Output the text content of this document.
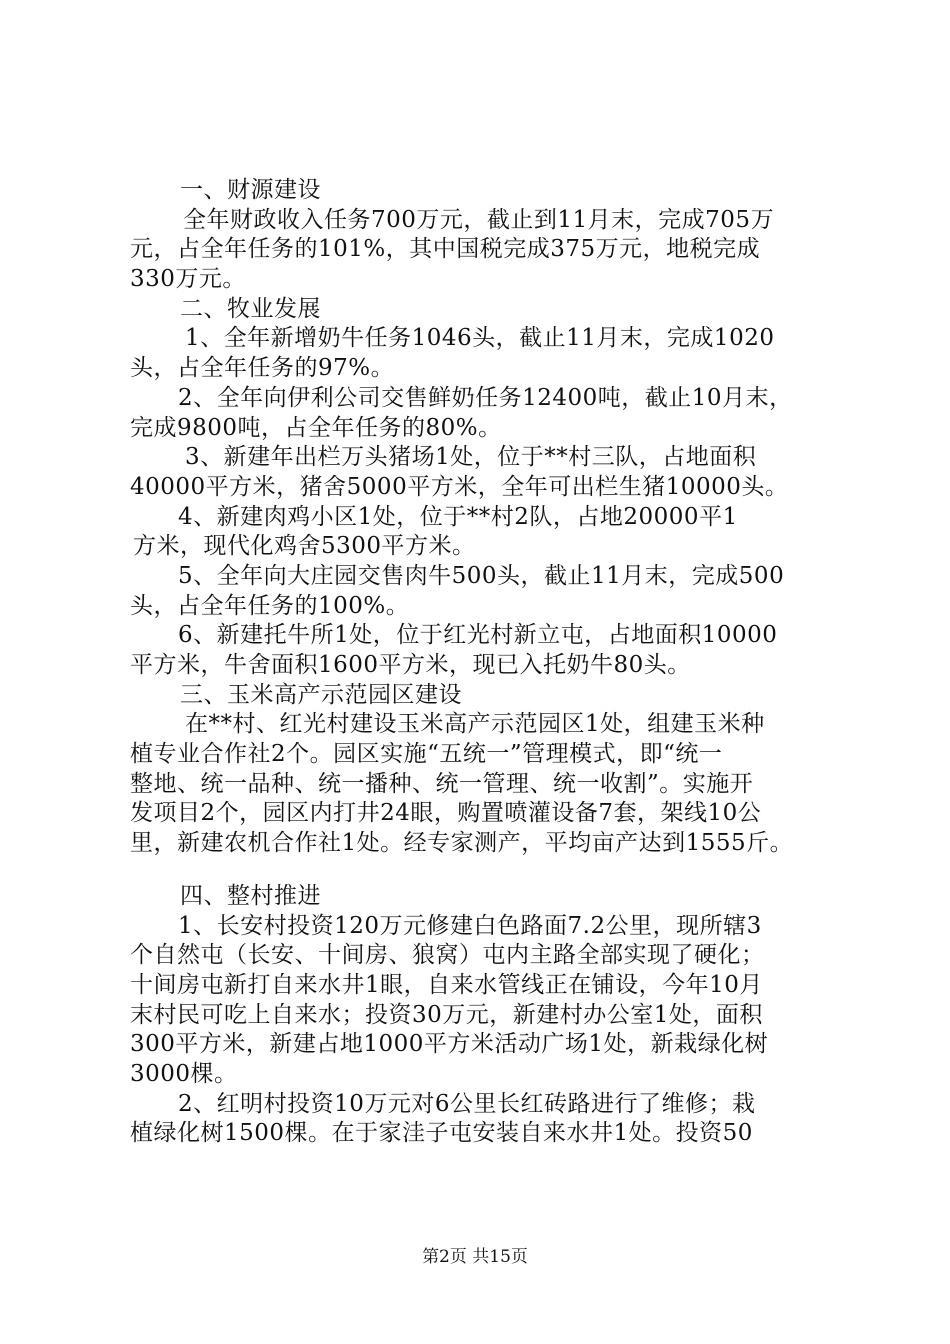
一、财源建设
全年财政收入任务700万元，截止到11月末，完成705万
元，占全年任务的101%，其中国税完成375万元，地税完成
330万元。
二、牧业发展
1、全年新增奶牛任务1046头，截止11月末，完成1020
头，占全年任务的97%。
2、全年向伊利公司交售鲜奶任务12400吨，截止10月末，
完成9800吨，占全年任务的80%。
3、新建年出栏万头猪场1处，位于**村三队，占地面积
40000平方米，猪舍5000平方米，全年可出栏生猪10000头。
4、新建肉鸡小区1处，位于**村2队，占地20000平1
方米，现代化鸡舍5300平方米。
5、全年向大庄园交售肉牛500头，截止11月末，完成500
头，占全年任务的100%。
6、新建托牛所1处，位于红光村新立屯，占地面积10000
平方米，牛舍面积1600平方米，现已入托奶牛80头。
三、玉米高产示范园区建设
在**村、红光村建设玉米高产示范园区1处，组建玉米种
植专业合作社2个。园区实施“五统一”管理模式，即“统一
整地、统一品种、统一播种、统一管理、统一收割”。实施开
发项目2个，园区内打井24眼，购置喷灌设备7套，架线10公
里，新建农机合作社1处。经专家测产，平均亩产达到1555斤。
四、整村推进
1、长安村投资120万元修建白色路面7.2公里，现所辖3
个自然屯（长安、十间房、狼窝）屯内主路全部实现了硬化；
十间房屯新打自来水井1眼，自来水管线正在铺设，今年10月
末村民可吃上自来水；投资30万元，新建村办公室1处，面积
300平方米，新建占地1000平方米活动广场1处，新栽绿化树
3000棵。
2、红明村投资10万元对6公里长红砖路进行了维修；栽
植绿化树1500棵。在于家洼子屯安装自来水井1处。投资50
第2页 共15页
